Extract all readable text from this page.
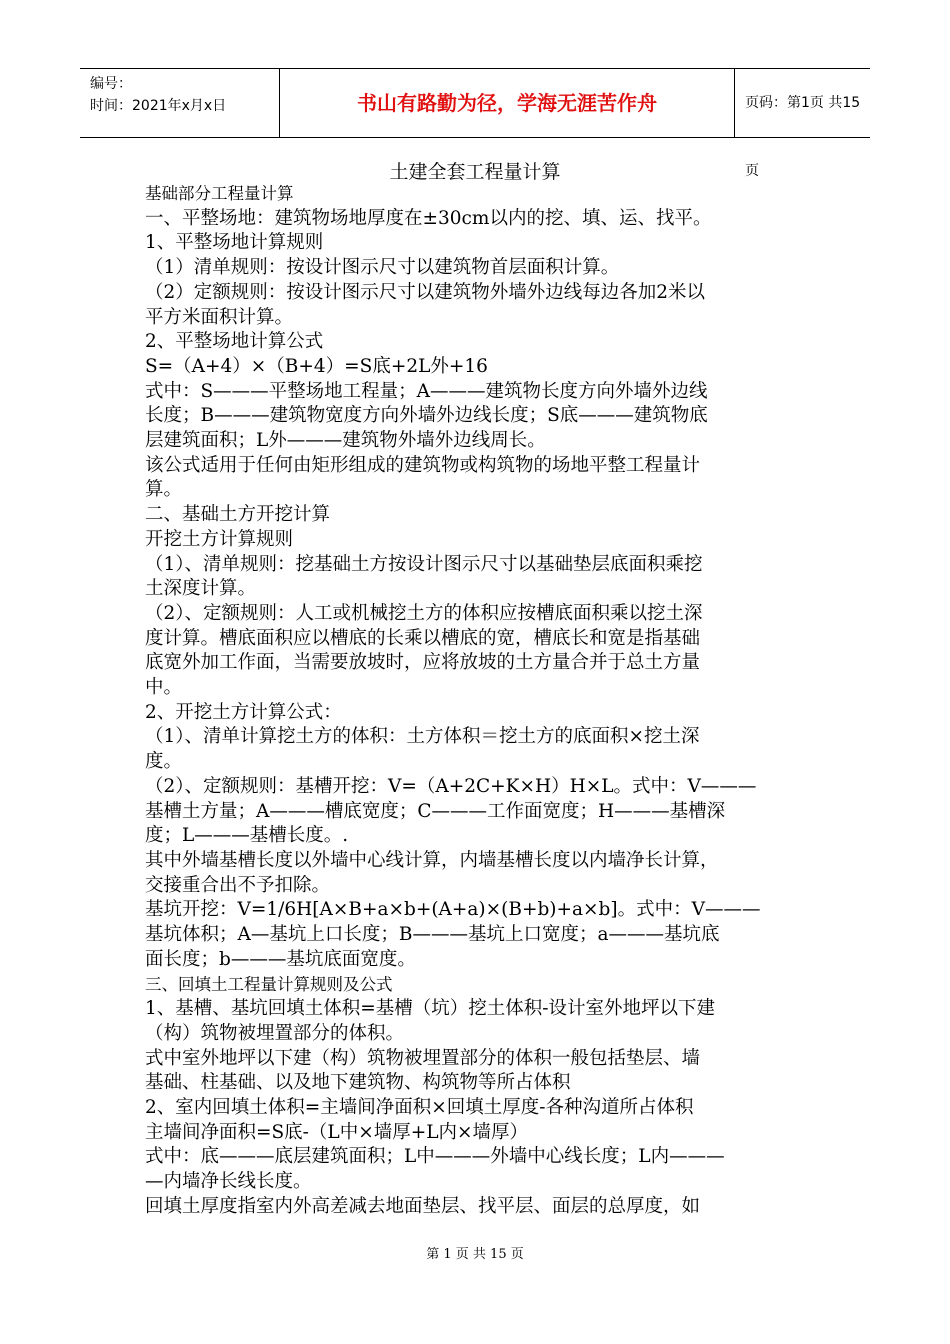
编号：
时间：2021年x月x日	书山有路勤为径，学海无涯苦作舟	页码：第1页 共15页
土建全套工程量计算

基础部分工程量计算

一、平整场地：建筑物场地厚度在±30cm以内的挖、填、运、找平。

1、平整场地计算规则

（1）清单规则：按设计图示尺寸以建筑物首层面积计算。

（2）定额规则：按设计图示尺寸以建筑物外墙外边线每边各加2米以

平方米面积计算。

2、平整场地计算公式

S=（A+4）×（B+4）=S底+2L外+16

式中：S———平整场地工程量；A———建筑物长度方向外墙外边线

长度；B———建筑物宽度方向外墙外边线长度；S底———建筑物底

层建筑面积；L外———建筑物外墙外边线周长。

该公式适用于任何由矩形组成的建筑物或构筑物的场地平整工程量计

算。

二、基础土方开挖计算

开挖土方计算规则

（1）、清单规则：挖基础土方按设计图示尺寸以基础垫层底面积乘挖

土深度计算。

（2）、定额规则：人工或机械挖土方的体积应按槽底面积乘以挖土深

度计算。槽底面积应以槽底的长乘以槽底的宽，槽底长和宽是指基础

底宽外加工作面，当需要放坡时，应将放坡的土方量合并于总土方量

中。

2、开挖土方计算公式：

（1）、清单计算挖土方的体积：土方体积＝挖土方的底面积×挖土深

度。

（2）、定额规则：基槽开挖：V=（A+2C+K×H）H×L。式中：V———

基槽土方量；A———槽底宽度；C———工作面宽度；H———基槽深

度；L———基槽长度。.

其中外墙基槽长度以外墙中心线计算，内墙基槽长度以内墙净长计算，

交接重合出不予扣除。

基坑开挖：V=1/6H[A×B+a×b+(A+a)×(B+b)+a×b]。式中：V———

基坑体积；A—基坑上口长度；B———基坑上口宽度；a———基坑底

面长度；b———基坑底面宽度。

三、回填土工程量计算规则及公式

1、基槽、基坑回填土体积=基槽（坑）挖土体积-设计室外地坪以下建

（构）筑物被埋置部分的体积。

式中室外地坪以下建（构）筑物被埋置部分的体积一般包括垫层、墙

基础、柱基础、以及地下建筑物、构筑物等所占体积

2、室内回填土体积=主墙间净面积×回填土厚度-各种沟道所占体积

主墙间净面积=S底-（L中×墙厚+L内×墙厚）

式中：底———底层建筑面积；L中———外墙中心线长度；L内———

—内墙净长线长度。

回填土厚度指室内外高差减去地面垫层、找平层、面层的总厚度，如

第 1 页 共 15 页
